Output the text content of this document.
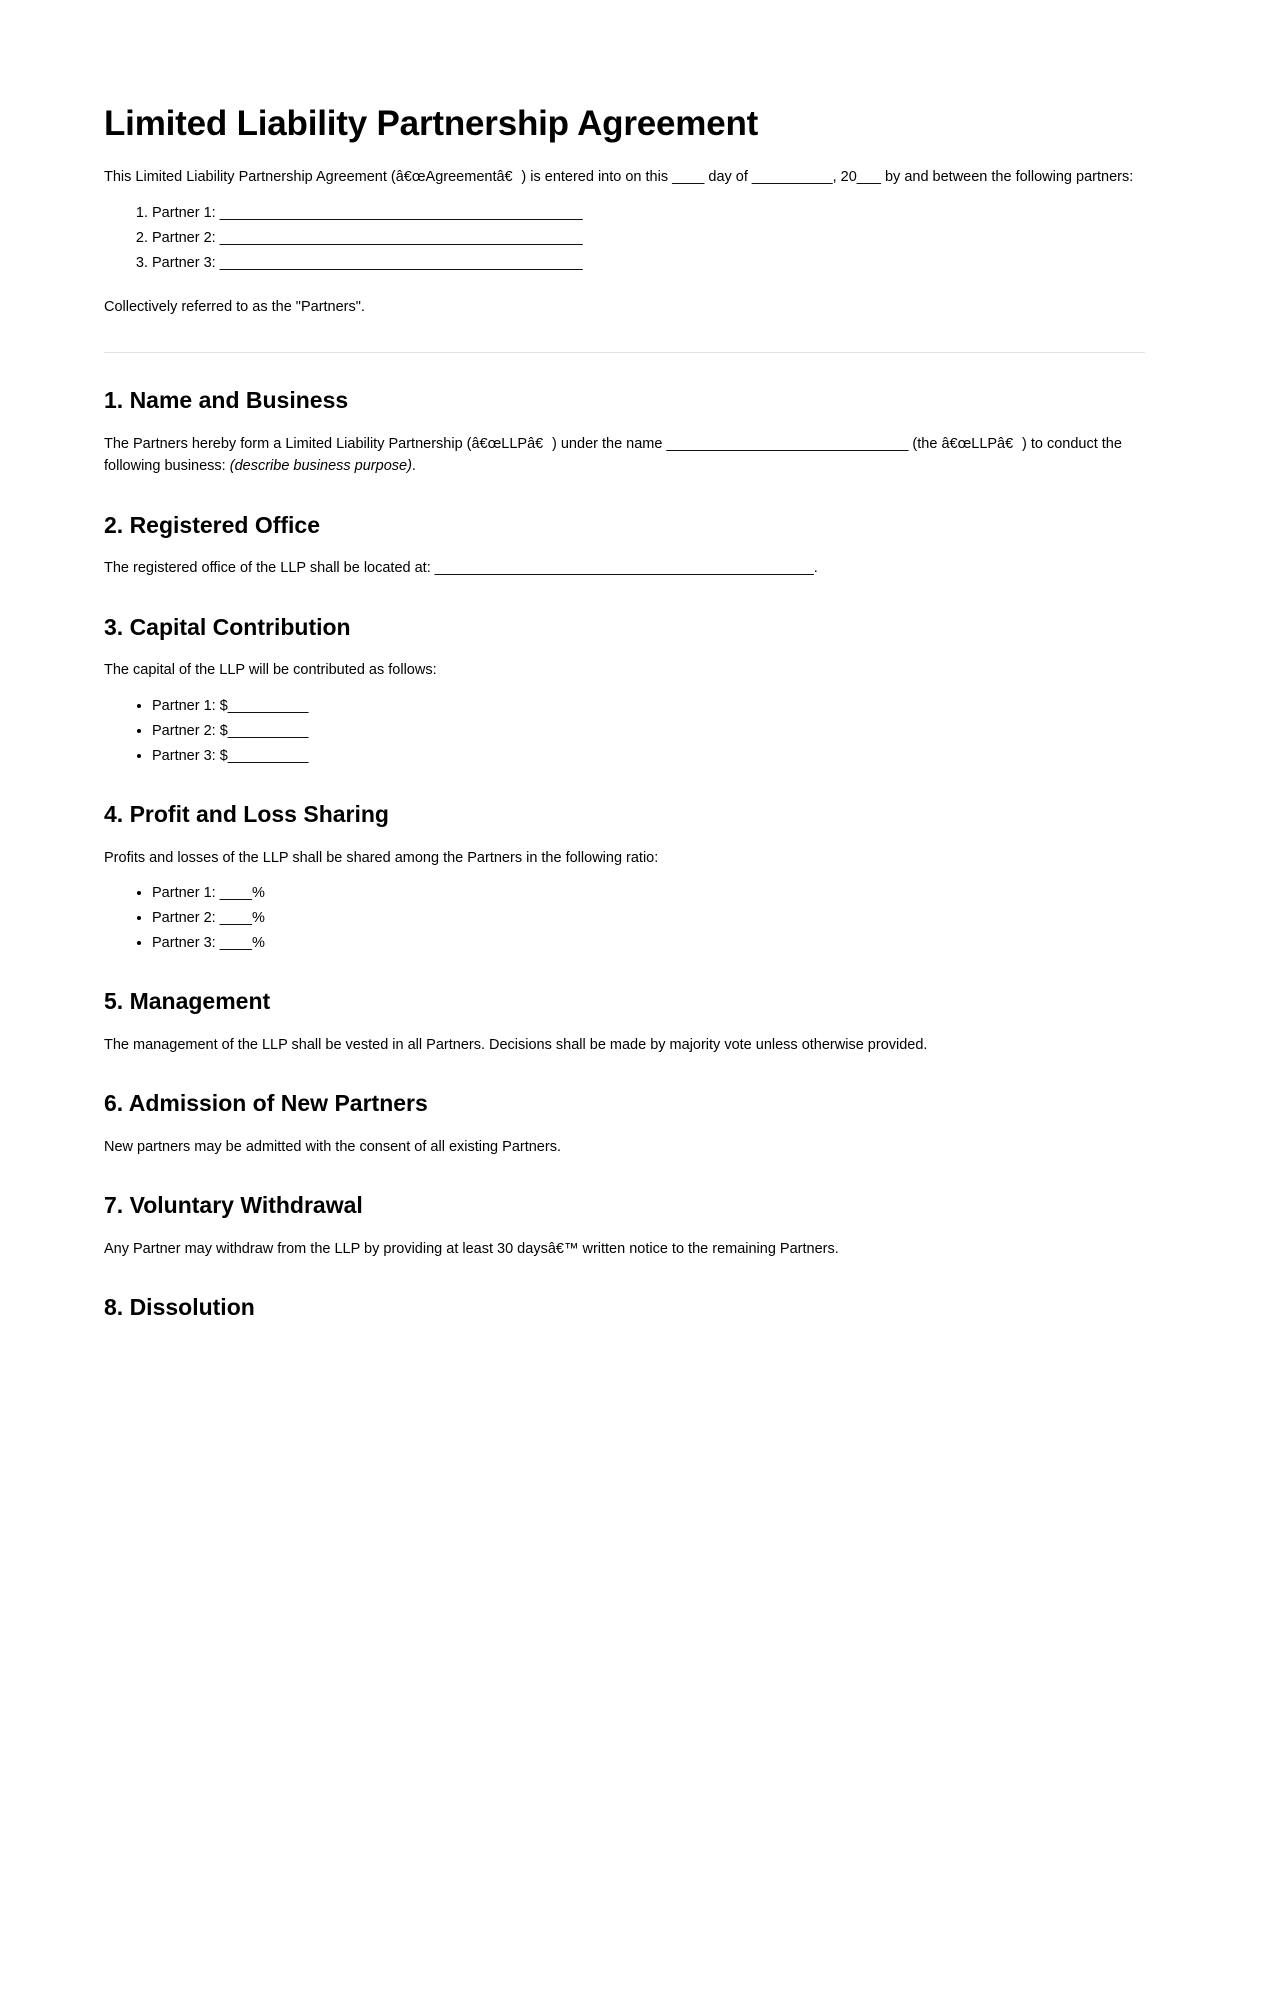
Limited Liability Partnership Agreement

This Limited Liability Partnership Agreement (â€œAgreementâ€) is entered into on this ____ day of __________, 20___ by and between the following partners:

1. Partner 1: _____________________________________________
2. Partner 2: _____________________________________________
3. Partner 3: _____________________________________________

Collectively referred to as the "Partners".

1. Name and Business

The Partners hereby form a Limited Liability Partnership (â€œLLPâ€) under the name ______________________________ (the â€œLLPâ€) to conduct the following business: (describe business purpose).

2. Registered Office

The registered office of the LLP shall be located at: _______________________________________________.

3. Capital Contribution

The capital of the LLP will be contributed as follows:

• Partner 1: $__________
• Partner 2: $__________
• Partner 3: $__________
4. Profit and Loss Sharing

Profits and losses of the LLP shall be shared among the Partners in the following ratio:

• Partner 1: ____%
• Partner 2: ____%
• Partner 3: ____%
5. Management

The management of the LLP shall be vested in all Partners. Decisions shall be made by majority vote unless otherwise provided.

6. Admission of New Partners

New partners may be admitted with the consent of all existing Partners.

7. Voluntary Withdrawal

Any Partner may withdraw from the LLP by providing at least 30 daysâ€™ written notice to the remaining Partners.

8. Dissolution
